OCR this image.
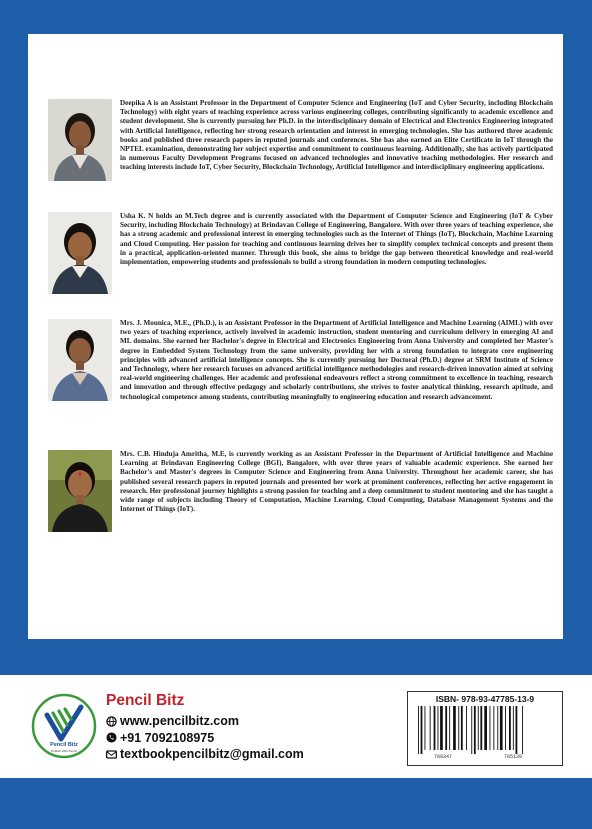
Deepika A is an Assistant Professor in the Department of Computer Science and Engineering (IoT and Cyber Security, including Blockchain Technology) with eight years of teaching experience across various engineering colleges, contributing significantly to academic excellence and student development. She is currently pursuing her Ph.D. in the interdisciplinary domain of Electrical and Electronics Engineering integrated with Artificial Intelligence, reflecting her strong research orientation and interest in emerging technologies. She has authored three academic books and published three research papers in reputed journals and conferences. She has also earned an Elite Certificate in IoT through the NPTEL examination, demonstrating her subject expertise and commitment to continuous learning. Additionally, she has actively participated in numerous Faculty Development Programs focused on advanced technologies and innovative teaching methodologies. Her research and teaching interests include IoT, Cyber Security, Blockchain Technology, Artificial Intelligence and interdisciplinary engineering applications.

Usha K. N holds an M.Tech degree and is currently associated with the Department of Computer Science and Engineering (IoT & Cyber Security, including Blockchain Technology) at Brindavan College of Engineering, Bangalore. With over three years of teaching experience, she has a strong academic and professional interest in emerging technologies such as the Internet of Things (IoT), Blockchain, Machine Learning and Cloud Computing. Her passion for teaching and continuous learning drives her to simplify complex technical concepts and present them in a practical, application-oriented manner. Through this book, she aims to bridge the gap between theoretical knowledge and real-world implementation, empowering students and professionals to build a strong foundation in modern computing technologies.

Mrs. J. Mounica, M.E., (Ph.D.), is an Assistant Professor in the Department of Artificial Intelligence and Machine Learning (AIML) with over two years of teaching experience, actively involved in academic instruction, student mentoring and curriculum delivery in emerging AI and ML domains. She earned her Bachelor's degree in Electrical and Electronics Engineering from Anna University and completed her Master's degree in Embedded System Technology from the same university, providing her with a strong foundation to integrate core engineering principles with advanced artificial intelligence concepts. She is currently pursuing her Doctoral (Ph.D.) degree at SRM Institute of Science and Technology, where her research focuses on advanced artificial intelligence methodologies and research-driven innovation aimed at solving real-world engineering challenges. Her academic and professional endeavours reflect a strong commitment to excellence in teaching, research and innovation and through effective pedagogy and scholarly contributions, she strives to foster analytical thinking, research aptitude, and technological competence among students, contributing meaningfully to engineering education and research advancement.

Mrs. C.B. Hinduja Amritha, M.E, is currently working as an Assistant Professor in the Department of Artificial Intelligence and Machine Learning at Brindavan Engineering College (BGI), Bangalore, with over three years of valuable academic experience. She earned her Bachelor's and Master's degrees in Computer Science and Engineering from Anna University. Throughout her academic career, she has published several research papers in reputed journals and presented her work at prominent conferences, reflecting her active engagement in research. Her professional journey highlights a strong passion for teaching and a deep commitment to student mentoring and she has taught a wide range of subjects including Theory of Computation, Machine Learning, Cloud Computing, Database Management Systems and the Internet of Things (IoT).

Pencil Bitz
Publish With Pencil
Pencil Bitz
www.pencilbitz.com
+91 7092108975
textbookpencilbitz@gmail.com
ISBN- 978-93-47785-13-9
789347	785139
